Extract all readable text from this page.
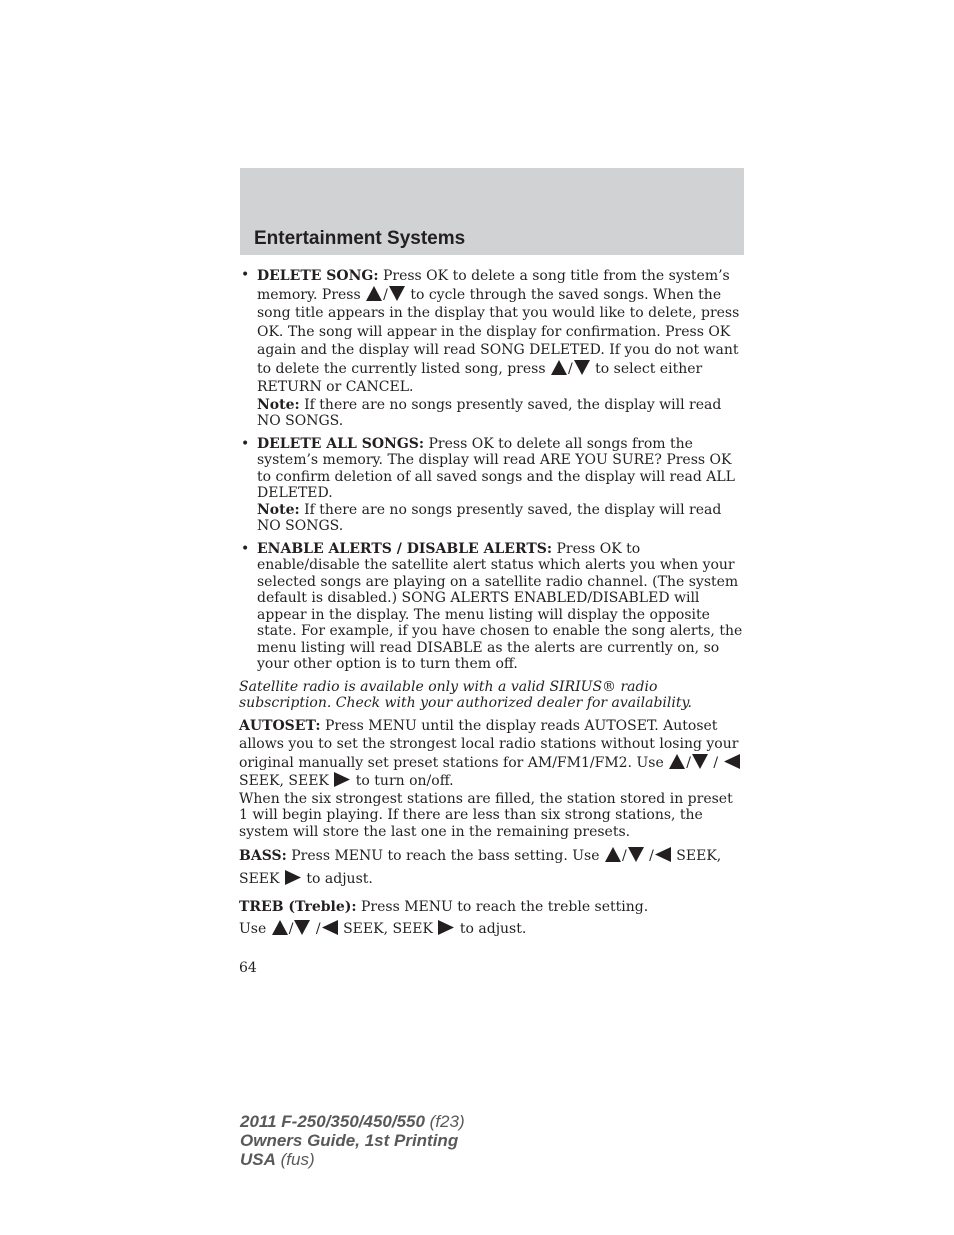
Entertainment Systems
• DELETE SONG: Press OK to delete a song title from the system’s memory. Press /
to cycle through the saved songs. When the song title appears in the display that you would like to delete, press OK. The song will appear in the display for confirmation. Press OK again and the display will read SONG DELETED. If you do not want to delete the currently listed song, press /
to select either RETURN or CANCEL.

Note: If there are no songs presently saved, the display will read NO SONGS.

• DELETE ALL SONGS: Press OK to delete all songs from the system’s memory. The display will read ARE YOU SURE? Press OK to confirm deletion of all saved songs and the display will read ALL DELETED.

Note: If there are no songs presently saved, the display will read NO SONGS.

• ENABLE ALERTS / DISABLE ALERTS: Press OK to enable/disable the satellite alert status which alerts you when your selected songs are playing on a satellite radio channel. (The system default is disabled.) SONG ALERTS ENABLED/DISABLED will appear in the display. The menu listing will display the opposite state. For example, if you have chosen to enable the song alerts, the menu listing will read DISABLE as the alerts are currently on, so your other option is to turn them off.

Satellite radio is available only with a valid SIRIUS® radio subscription. Check with your authorized dealer for availability.

AUTOSET: Press MENU until the display reads AUTOSET. Autoset allows you to set the strongest local radio stations without losing your original manually set preset stations for AM/FM1/FM2. Use /
/
SEEK, SEEK
to turn on/off.

When the six strongest stations are filled, the station stored in preset 1 will begin playing. If there are less than six strong stations, the system will store the last one in the remaining presets.

BASS: Press MENU to reach the bass setting. Use /
/
SEEK, SEEK
to adjust.

TREB (Treble): Press MENU to reach the treble setting.

Use /
/
SEEK, SEEK
to adjust.

64
2011 F-250/350/450/550 (f23)
Owners Guide, 1st Printing
USA (fus)
